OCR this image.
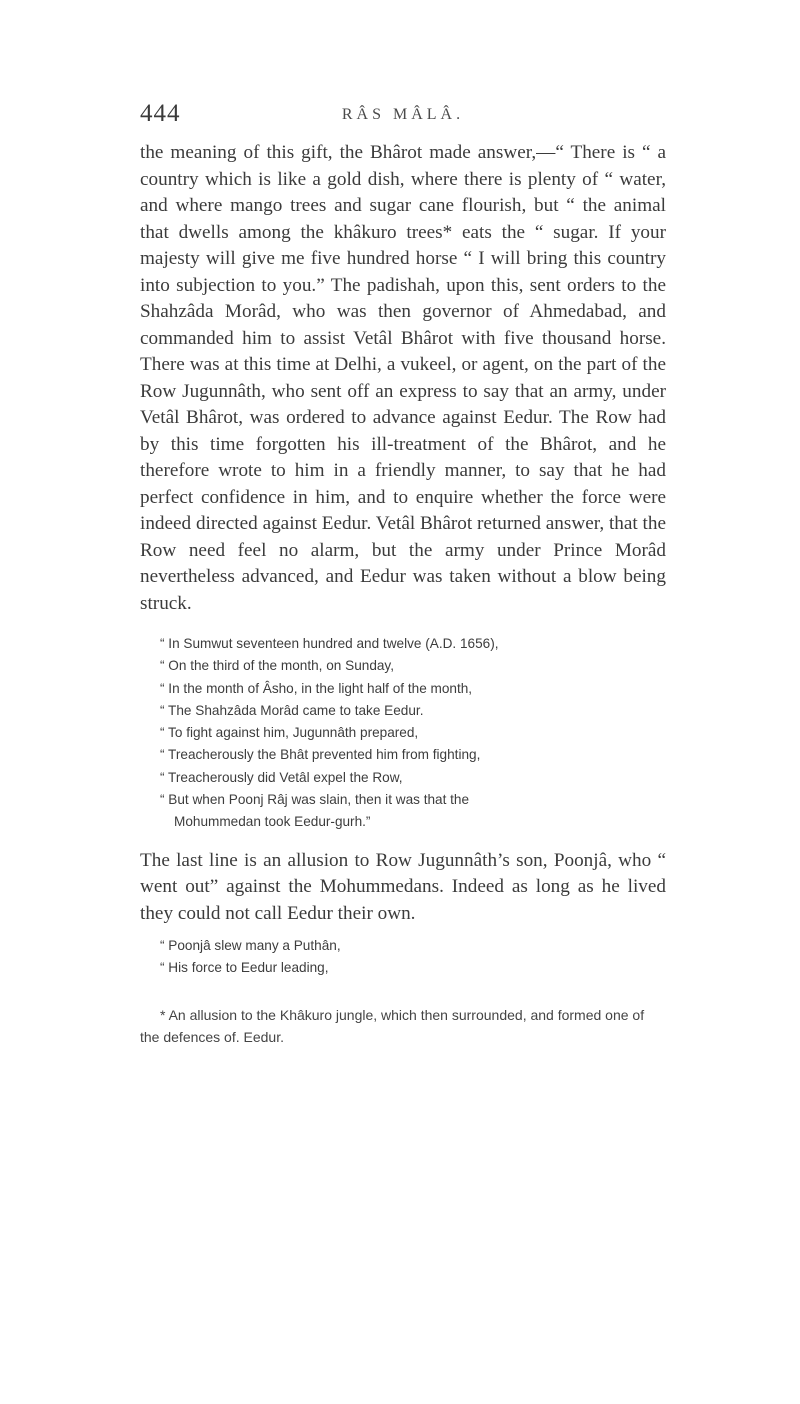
444	RÂS MÂLÂ.

the meaning of this gift, the Bhârot made answer,—“ There is “ a country which is like a gold dish, where there is plenty of “ water, and where mango trees and sugar cane flourish, but “ the animal that dwells among the khâkuro trees* eats the “ sugar. If your majesty will give me five hundred horse “ I will bring this country into subjection to you.” The padishah, upon this, sent orders to the Shahzâda Morâd, who was then governor of Ahmedabad, and commanded him to assist Vetâl Bhârot with five thousand horse. There was at this time at Delhi, a vukeel, or agent, on the part of the Row Jugunnâth, who sent off an express to say that an army, under Vetâl Bhârot, was ordered to advance against Eedur. The Row had by this time forgotten his ill-treatment of the Bhârot, and he therefore wrote to him in a friendly manner, to say that he had perfect confidence in him, and to enquire whether the force were indeed directed against Eedur. Vetâl Bhârot returned answer, that the Row need feel no alarm, but the army under Prince Morâd nevertheless advanced, and Eedur was taken without a blow being struck.

“ In Sumwut seventeen hundred and twelve (A.D. 1656),
“ On the third of the month, on Sunday,
“ In the month of Âsho, in the light half of the month,
“ The Shahzâda Morâd came to take Eedur.
“ To fight against him, Jugunnâth prepared,
“ Treacherously the Bhât prevented him from fighting,
“ Treacherously did Vetâl expel the Row,
“ But when Poonj Râj was slain, then it was that the
Mohummedan took Eedur-gurh.”

The last line is an allusion to Row Jugunnâth’s son, Poonjâ, who “ went out” against the Mohummedans. Indeed as long as he lived they could not call Eedur their own.

“ Poonjâ slew many a Puthân,
“ His force to Eedur leading,

* An allusion to the Khâkuro jungle, which then surrounded, and formed one of the defences of. Eedur.
